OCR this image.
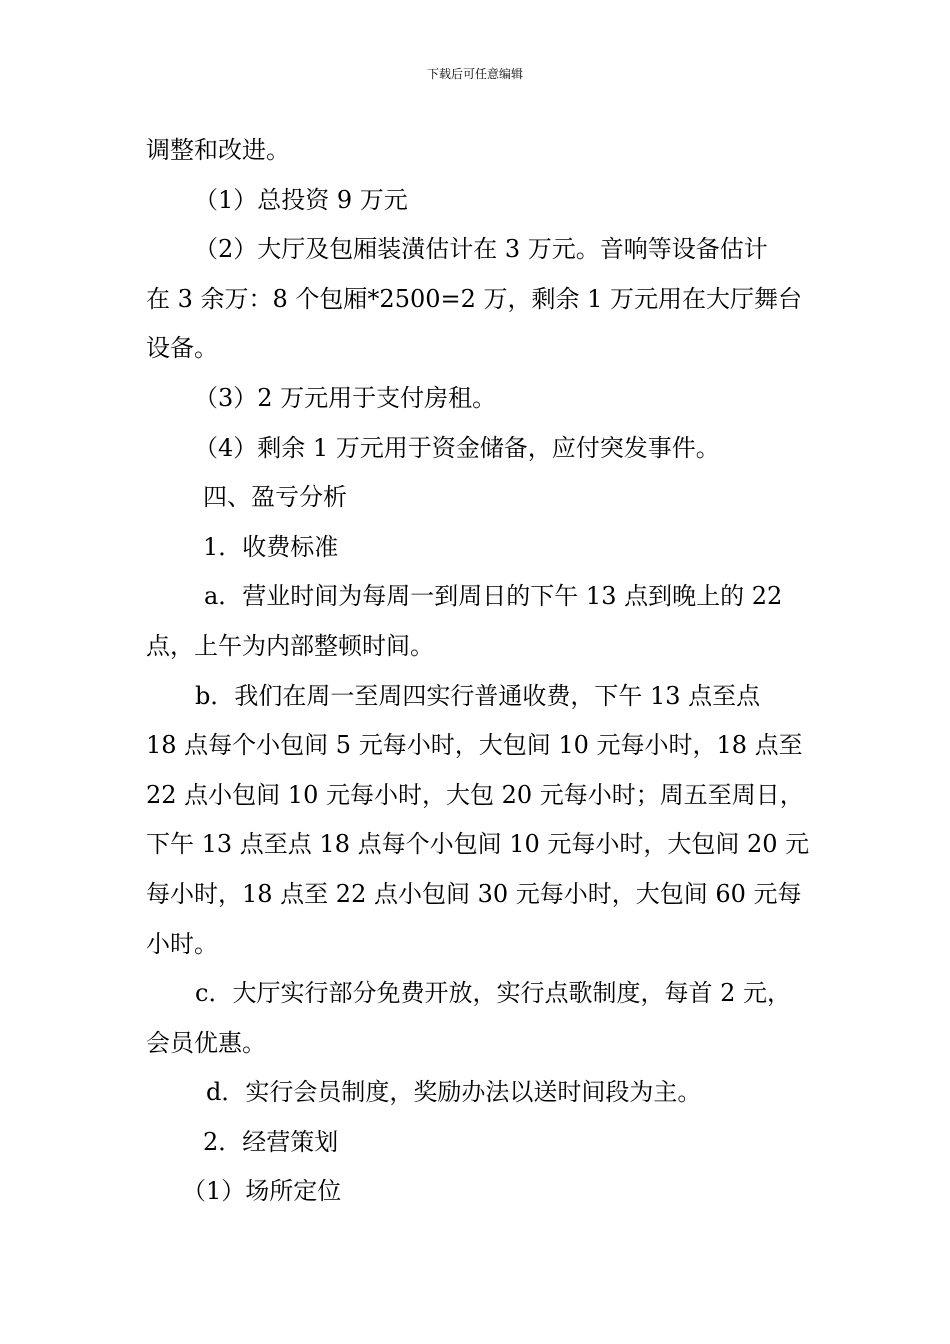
下载后可任意编辑
调整和改进。
（1）总投资 9 万元
（2）大厅及包厢装潢估计在 3 万元。音响等设备估计
在 3 余万：8 个包厢*2500=2 万，剩余 1 万元用在大厅舞台
设备。
（3）2 万元用于支付房租。
（4）剩余 1 万元用于资金储备，应付突发事件。
四、盈亏分析
1．收费标准
a．营业时间为每周一到周日的下午 13 点到晚上的 22
点，上午为内部整顿时间。
b．我们在周一至周四实行普通收费，下午 13 点至点
18 点每个小包间 5 元每小时，大包间 10 元每小时，18 点至
22 点小包间 10 元每小时，大包 20 元每小时；周五至周日，
下午 13 点至点 18 点每个小包间 10 元每小时，大包间 20 元
每小时，18 点至 22 点小包间 30 元每小时，大包间 60 元每
小时。
c．大厅实行部分免费开放，实行点歌制度，每首 2 元，
会员优惠。
d．实行会员制度，奖励办法以送时间段为主。
2．经营策划
（1）场所定位
